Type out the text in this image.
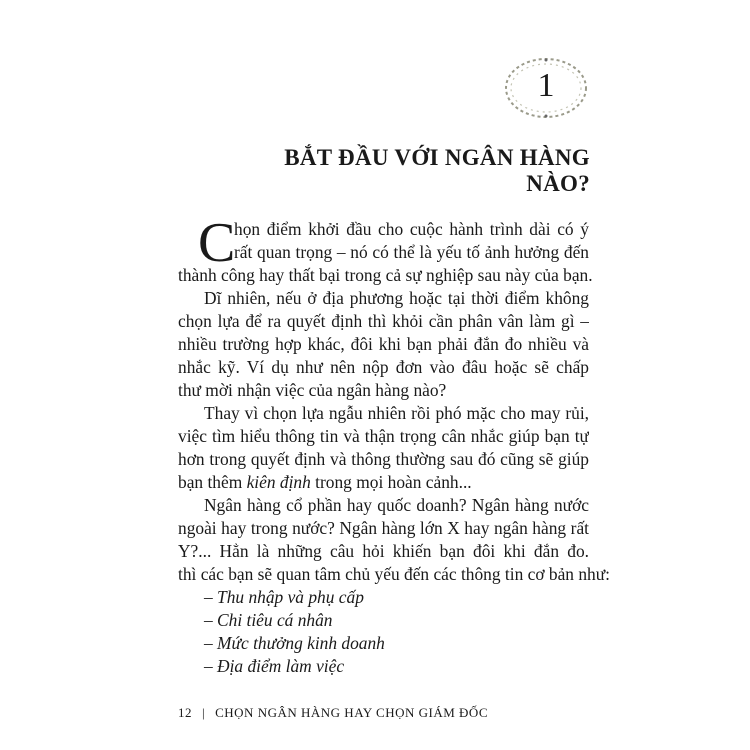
1
BẮT ĐẦU VỚI NGÂN HÀNG NÀO?
C
họn điểm khởi đầu cho cuộc hành trình dài có ý
rất quan trọng – nó có thể là yếu tố ảnh hưởng đến
thành công hay thất bại trong cả sự nghiệp sau này của bạn.
Dĩ nhiên, nếu ở địa phương hoặc tại thời điểm không
chọn lựa để ra quyết định thì khỏi cần phân vân làm gì –
nhiều trường hợp khác, đôi khi bạn phải đắn đo nhiều và
nhắc kỹ. Ví dụ như nên nộp đơn vào đâu hoặc sẽ chấp
thư mời nhận việc của ngân hàng nào?
Thay vì chọn lựa ngẫu nhiên rồi phó mặc cho may rủi,
việc tìm hiểu thông tin và thận trọng cân nhắc giúp bạn tự
hơn trong quyết định và thông thường sau đó cũng sẽ giúp
bạn thêm kiên định trong mọi hoàn cảnh...
Ngân hàng cổ phần hay quốc doanh? Ngân hàng nước
ngoài hay trong nước? Ngân hàng lớn X hay ngân hàng rất
Y?... Hẳn là những câu hỏi khiến bạn đôi khi đắn đo.
thì các bạn sẽ quan tâm chủ yếu đến các thông tin cơ bản như:
– Thu nhập và phụ cấp
– Chi tiêu cá nhân
– Mức thưởng kinh doanh
– Địa điểm làm việc
12 | CHỌN NGÂN HÀNG HAY CHỌN GIÁM ĐỐC
